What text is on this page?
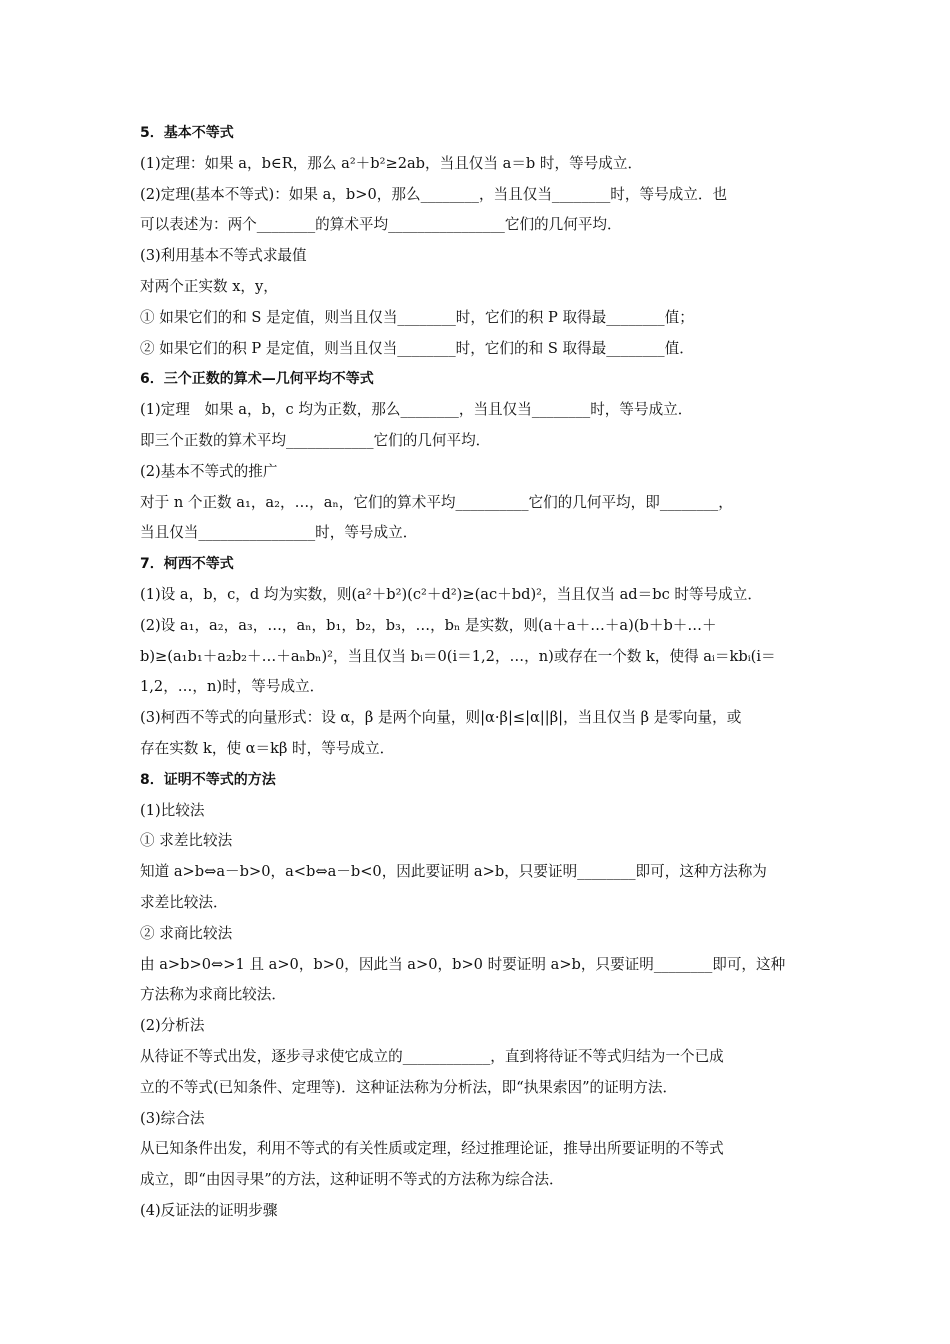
5．基本不等式
(1)定理：如果 a，b∈R，那么 a²＋b²≥2ab，当且仅当 a＝b 时，等号成立．
(2)定理(基本不等式)：如果 a，b>0，那么________，当且仅当________时，等号成立．也
可以表述为：两个________的算术平均________________它们的几何平均．
(3)利用基本不等式求最值
对两个正实数 x，y，
① 如果它们的和 S 是定值，则当且仅当________时，它们的积 P 取得最________值；
② 如果它们的积 P 是定值，则当且仅当________时，它们的和 S 取得最________值．
6．三个正数的算术—几何平均不等式
(1)定理　如果 a，b，c 均为正数，那么________，当且仅当________时，等号成立．
即三个正数的算术平均____________它们的几何平均．
(2)基本不等式的推广
对于 n 个正数 a₁，a₂，…，aₙ，它们的算术平均__________它们的几何平均，即________，
当且仅当________________时，等号成立．
7．柯西不等式
(1)设 a，b，c，d 均为实数，则(a²＋b²)(c²＋d²)≥(ac＋bd)²，当且仅当 ad＝bc 时等号成立．
(2)设 a₁，a₂，a₃，…，aₙ，b₁，b₂，b₃，…，bₙ 是实数，则(a＋a＋…＋a)(b＋b＋…＋
b)≥(a₁b₁＋a₂b₂＋…＋aₙbₙ)²，当且仅当 bᵢ＝0(i＝1,2，…，n)或存在一个数 k，使得 aᵢ＝kbᵢ(i＝
1,2，…，n)时，等号成立．
(3)柯西不等式的向量形式：设 α，β 是两个向量，则|α·β|≤|α||β|，当且仅当 β 是零向量，或
存在实数 k，使 α＝kβ 时，等号成立．
8．证明不等式的方法
(1)比较法
① 求差比较法
知道 a>b⇔a－b>0，a<b⇔a－b<0，因此要证明 a>b，只要证明________即可，这种方法称为
求差比较法．
② 求商比较法
由 a>b>0⇔>1 且 a>0，b>0，因此当 a>0，b>0 时要证明 a>b，只要证明________即可，这种
方法称为求商比较法．
(2)分析法
从待证不等式出发，逐步寻求使它成立的____________，直到将待证不等式归结为一个已成
立的不等式(已知条件、定理等)．这种证法称为分析法，即“执果索因”的证明方法．
(3)综合法
从已知条件出发，利用不等式的有关性质或定理，经过推理论证，推导出所要证明的不等式
成立，即“由因寻果”的方法，这种证明不等式的方法称为综合法．
(4)反证法的证明步骤
